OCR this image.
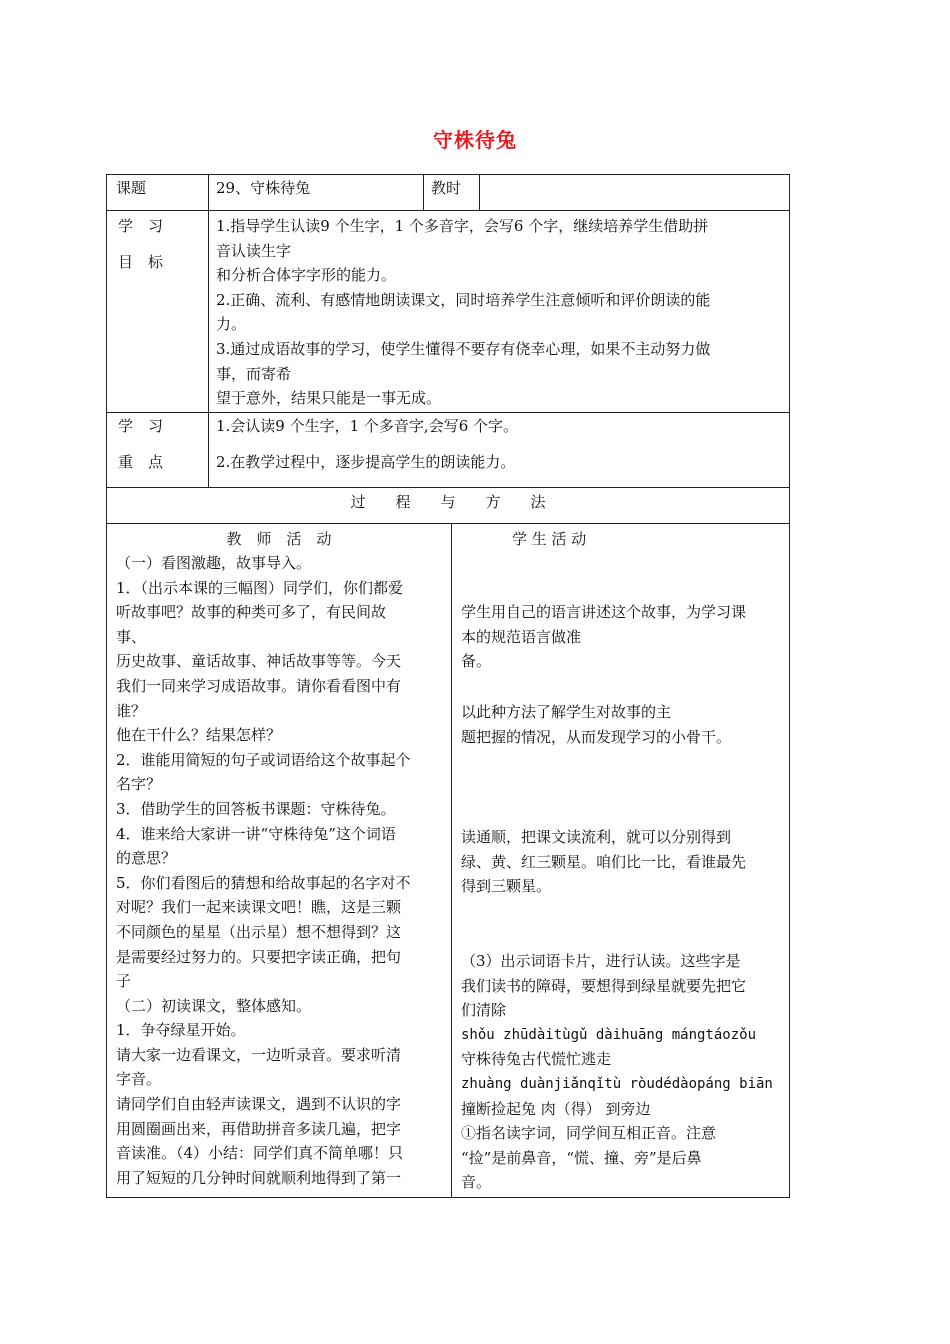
守株待兔
课题	29、守株待兔	教时
学　习
目　标
1.指导学生认读9 个生字，1 个多音字，会写6 个字，继续培养学生借助拼
音认读生字
和分析合体字字形的能力。
2.正确、流利、有感情地朗读课文，同时培养学生注意倾听和评价朗读的能
力。
3.通过成语故事的学习，使学生懂得不要存有侥幸心理，如果不主动努力做
事，而寄希
望于意外，结果只能是一事无成。
学　习
重　点
1.会认读9 个生字，1 个多音字,会写6 个字。
2.在教学过程中，逐步提高学生的朗读能力。
过　　程　　与　　方　　法
教　师　活　动
（一）看图激趣，故事导入。
1．（出示本课的三幅图）同学们，你们都爱
听故事吧？故事的种类可多了，有民间故
事、
历史故事、童话故事、神话故事等等。今天
我们一同来学习成语故事。请你看看图中有
谁？
他在干什么？结果怎样？
2．谁能用简短的句子或词语给这个故事起个
名字？
3．借助学生的回答板书课题：守株待兔。
4．谁来给大家讲一讲“守株待兔”这个词语
的意思？
5．你们看图后的猜想和给故事起的名字对不
对呢？我们一起来读课文吧！瞧，这是三颗
不同颜色的星星（出示星）想不想得到？这
是需要经过努力的。只要把字读正确，把句
子
（二）初读课文，整体感知。
1．争夺绿星开始。
请大家一边看课文，一边听录音。要求听清
字音。
请同学们自由轻声读课文，遇到不认识的字
用圆圈画出来，再借助拼音多读几遍，把字
音读准。（4）小结：同学们真不简单哪！只
用了短短的几分钟时间就顺利地得到了第一
学 生 活 动
学生用自己的语言讲述这个故事，为学习课
本的规范语言做准
备。
以此种方法了解学生对故事的主
题把握的情况，从而发现学习的小骨干。
读通顺，把课文读流利，就可以分别得到
绿、黄、红三颗星。咱们比一比，看谁最先
得到三颗星。
（3）出示词语卡片，进行认读。这些字是
我们读书的障碍，要想得到绿星就要先把它
们清除
shǒu zhūdàitùgǔ dàihuāng mángtáozǒu
守株待兔古代慌忙逃走
zhuàng duànjiǎnqǐtù ròudédàopáng biān
撞断捡起兔 肉（得） 到旁边
①指名读字词，同学间互相正音。注意
“捡”是前鼻音，“慌、撞、旁”是后鼻
音。
